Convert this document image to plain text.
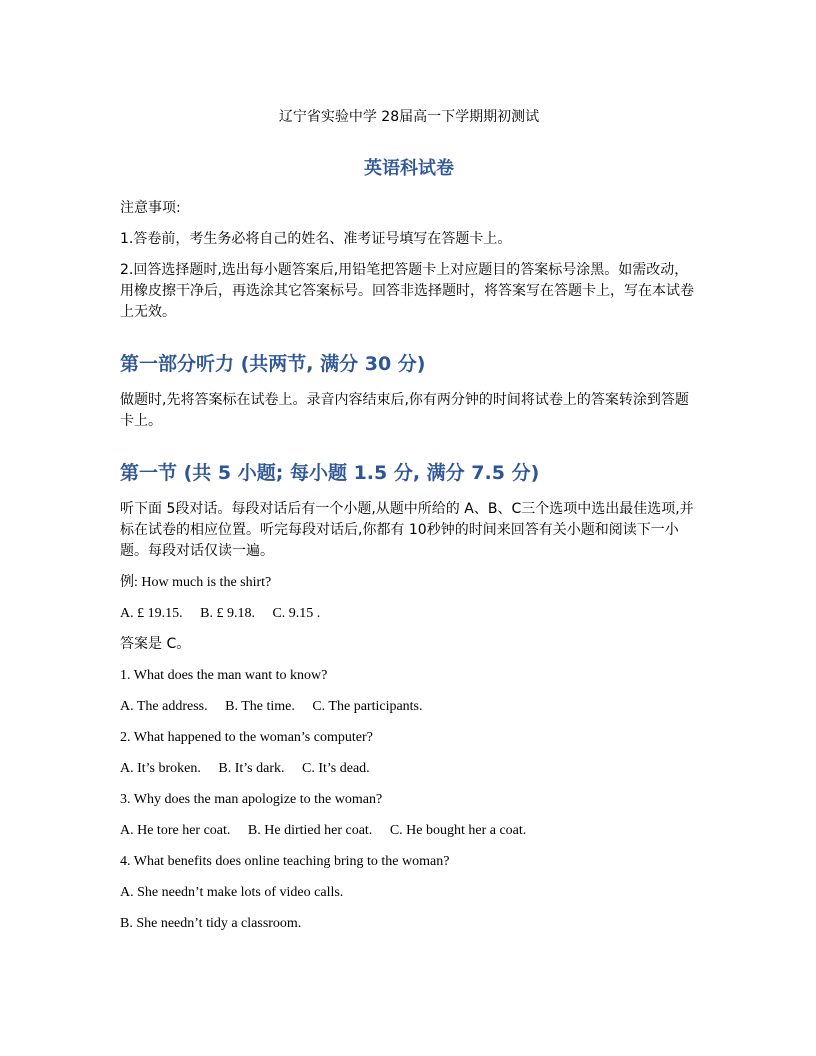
辽宁省实验中学 28届高一下学期期初测试
英语科试卷
注意事项:
1.答卷前，考生务必将自己的姓名、准考证号填写在答题卡上。
2.回答选择题时,选出每小题答案后,用铅笔把答题卡上对应题目的答案标号涂黑。如需改动，用橡皮擦干净后，再选涂其它答案标号。回答非选择题时，将答案写在答题卡上，写在本试卷上无效。
第一部分听力 (共两节, 满分 30 分)
做题时,先将答案标在试卷上。录音内容结束后,你有两分钟的时间将试卷上的答案转涂到答题卡上。
第一节 (共 5 小题; 每小题 1.5 分, 满分 7.5 分)
听下面 5段对话。每段对话后有一个小题,从题中所给的 A、B、C三个选项中选出最佳选项,并标在试卷的相应位置。听完每段对话后,你都有 10秒钟的时间来回答有关小题和阅读下一小题。每段对话仅读一遍。
例: How much is the shirt?
A. £ 19.15. B. £ 9.18. C. 9.15 .
答案是 C。
1. What does the man want to know?
A. The address. B. The time. C. The participants.
2. What happened to the woman’s computer?
A. It’s broken. B. It’s dark. C. It’s dead.
3. Why does the man apologize to the woman?
A. He tore her coat. B. He dirtied her coat. C. He bought her a coat.
4. What benefits does online teaching bring to the woman?
A. She needn’t make lots of video calls.
B. She needn’t tidy a classroom.
